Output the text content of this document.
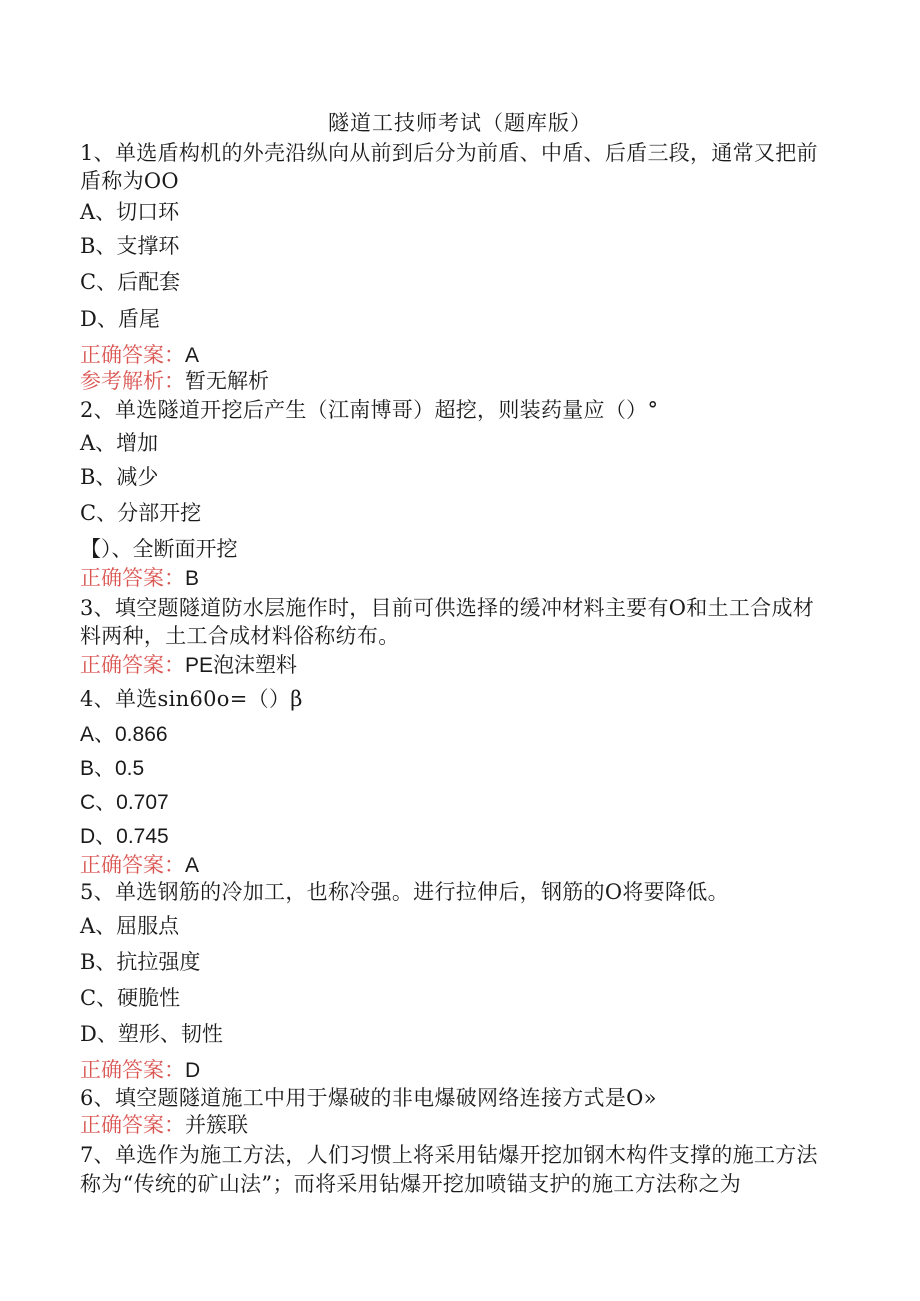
隧道工技师考试（题库版）
1、单选盾构机的外壳沿纵向从前到后分为前盾、中盾、后盾三段，通常又把前
盾称为OO
A、切口环
B、支撑环
C、后配套
D、盾尾
正确答案：A
参考解析：暂无解析
2、单选隧道开挖后产生（江南博哥）超挖，则装药量应（）°
A、增加
B、减少
C、分部开挖
【）、全断面开挖
正确答案：B
3、填空题隧道防水层施作时，目前可供选择的缓冲材料主要有O和土工合成材
料两种，土工合成材料俗称纺布。
正确答案：PE泡沫塑料
4、单选sin60o=（）β
A、0.866
B、0.5
C、0.707
D、0.745
正确答案：A
5、单选钢筋的冷加工，也称冷强。进行拉伸后，钢筋的O将要降低。
A、屈服点
B、抗拉强度
C、硬脆性
D、塑形、韧性
正确答案：D
6、填空题隧道施工中用于爆破的非电爆破网络连接方式是O»
正确答案：并簇联
7、单选作为施工方法，人们习惯上将采用钻爆开挖加钢木构件支撑的施工方法
称为“传统的矿山法”；而将采用钻爆开挖加喷锚支护的施工方法称之为
